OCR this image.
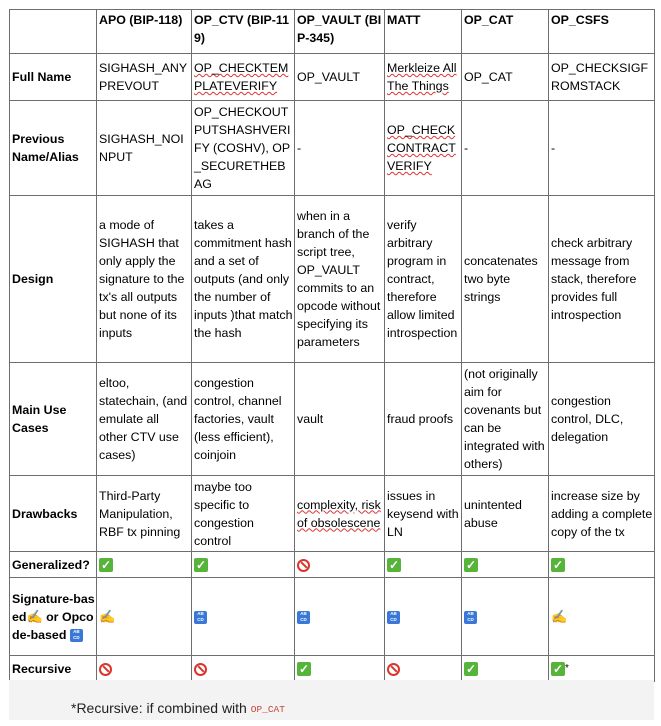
	APO (BIP-118)	OP_CTV (BIP-119)	OP_VAULT (BIP-345)	MATT	OP_CAT	OP_CSFS
Full Name	SIGHASH_ANYPREVOUT	OP_CHECKTEMPLATEVERIFY	OP_VAULT	Merkleize All The Things	OP_CAT	OP_CHECKSIGFROMSTACK
Previous Name/Alias	SIGHASH_NOINPUT	OP_CHECKOUTPUTSHASHVERIFY (COSHV), OP_SECURETHEBAG	-	OP_CHECKCONTRACTVERIFY	-	-
Design	a mode of SIGHASH that only apply the signature to the tx's all outputs but none of its inputs	takes a commitment hash and a set of outputs (and only the number of inputs )that match the hash	when in a branch of the script tree, OP_VAULT commits to an opcode without specifying its parameters	verify arbitrary program in contract, therefore allow limited introspection	concatenates two byte strings	check arbitrary message from stack, therefore provides full introspection
Main Use Cases	eltoo, statechain, (and emulate all other CTV use cases)	congestion control, channel factories, vault (less efficient), coinjoin	vault	fraud proofs	(not originally aim for covenants but can be integrated with others)	congestion control, DLC, delegation
Drawbacks	Third-Party Manipulation, RBF tx pinning	maybe too specific to congestion control	complexity, risk of obsolescene	issues in keysend with LN	unintented abuse	increase size by adding a complete copy of the tx
Generalized?	✓	✓		✓	✓	✓
Signature-based✍ or Opcode-based AB CD	✍	AB CD	AB CD	AB CD	AB CD	✍
Recursive			✓		✓	✓ *
*Recursive: if combined with OP_CAT
